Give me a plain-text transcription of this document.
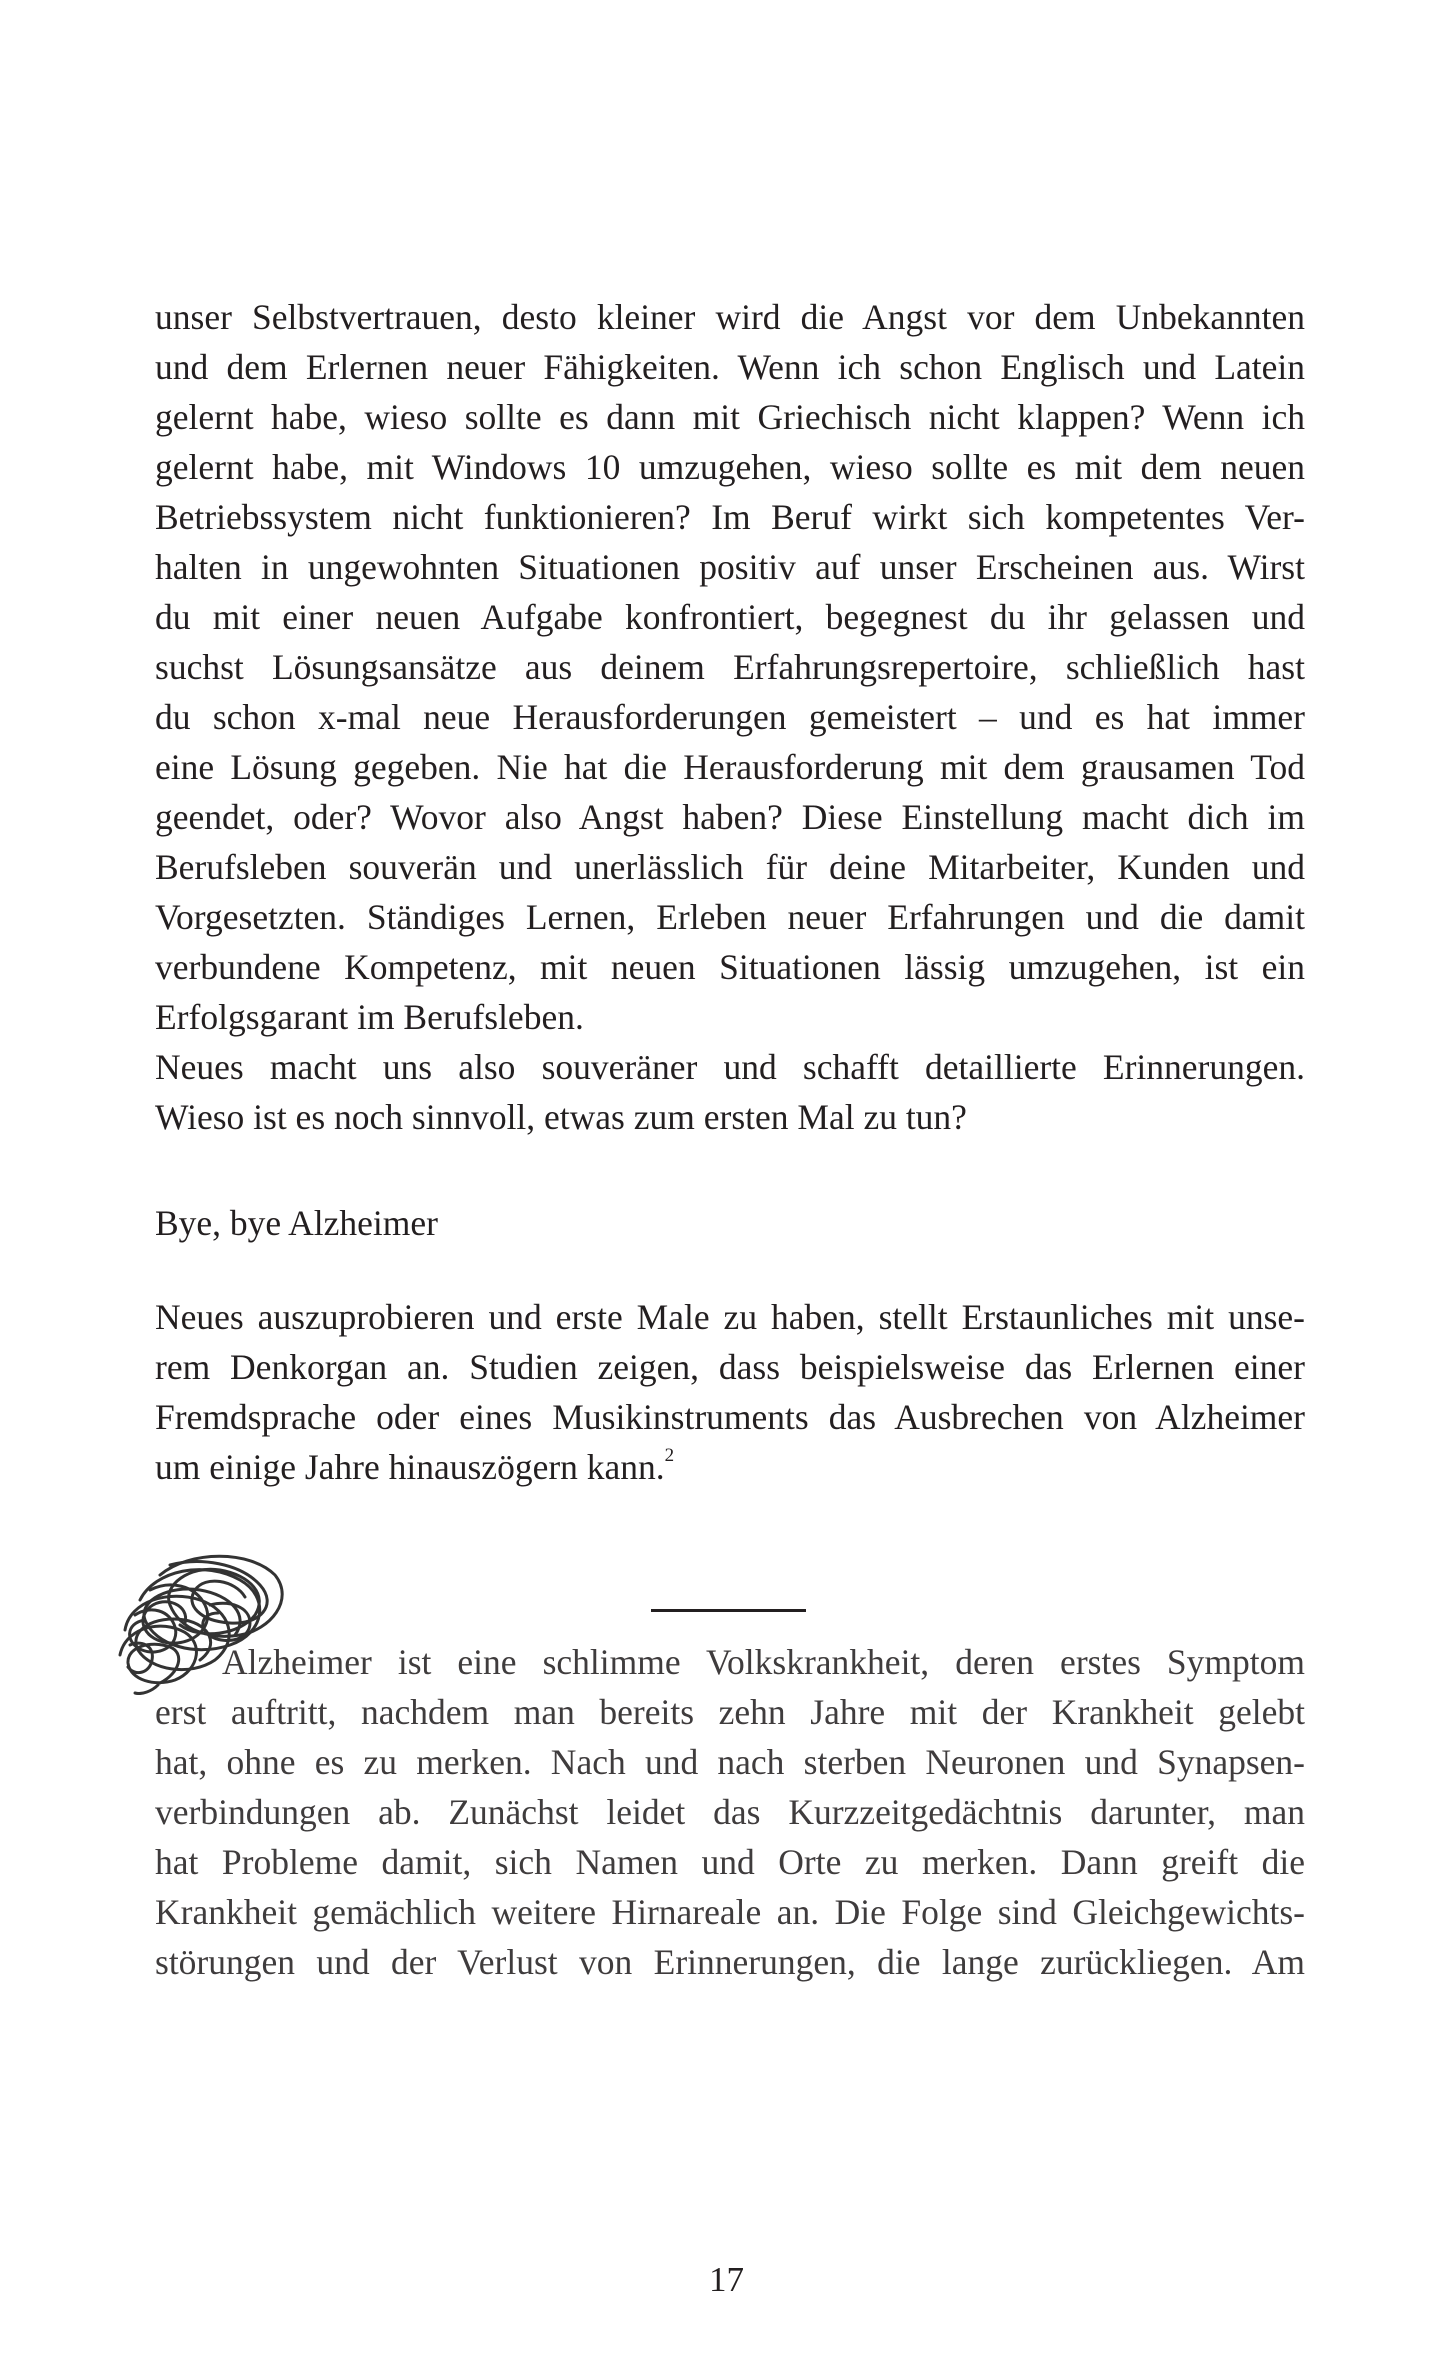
unser Selbstvertrauen, desto kleiner wird die Angst vor dem Unbekannten
und dem Erlernen neuer Fähigkeiten. Wenn ich schon Englisch und Latein
gelernt habe, wieso sollte es dann mit Griechisch nicht klappen? Wenn ich
gelernt habe, mit Windows 10 umzugehen, wieso sollte es mit dem neuen
Betriebssystem nicht funktionieren? Im Beruf wirkt sich kompetentes Ver-
halten in ungewohnten Situationen positiv auf unser Erscheinen aus. Wirst
du mit einer neuen Aufgabe konfrontiert, begegnest du ihr gelassen und
suchst Lösungsansätze aus deinem Erfahrungsrepertoire, schließlich hast
du schon x-mal neue Herausforderungen gemeistert – und es hat immer
eine Lösung gegeben. Nie hat die Herausforderung mit dem grausamen Tod
geendet, oder? Wovor also Angst haben? Diese Einstellung macht dich im
Berufsleben souverän und unerlässlich für deine Mitarbeiter, Kunden und
Vorgesetzten. Ständiges Lernen, Erleben neuer Erfahrungen und die damit
verbundene Kompetenz, mit neuen Situationen lässig umzugehen, ist ein
Erfolgsgarant im Berufsleben.
Neues macht uns also souveräner und schafft detaillierte Erinnerungen.
Wieso ist es noch sinnvoll, etwas zum ersten Mal zu tun?
Bye, bye Alzheimer
Neues auszuprobieren und erste Male zu haben, stellt Erstaunliches mit unse-
rem Denkorgan an. Studien zeigen, dass beispielsweise das Erlernen einer
Fremdsprache oder eines Musikinstruments das Ausbrechen von Alzheimer
um einige Jahre hinauszögern kann.$^2$
Alzheimer ist eine schlimme Volkskrankheit, deren erstes Symptom
erst auftritt, nachdem man bereits zehn Jahre mit der Krankheit gelebt
hat, ohne es zu merken. Nach und nach sterben Neuronen und Synapsen-
verbindungen ab. Zunächst leidet das Kurzzeitgedächtnis darunter, man
hat Probleme damit, sich Namen und Orte zu merken. Dann greift die
Krankheit gemächlich weitere Hirnareale an. Die Folge sind Gleichgewichts-
störungen und der Verlust von Erinnerungen, die lange zurückliegen. Am
17
